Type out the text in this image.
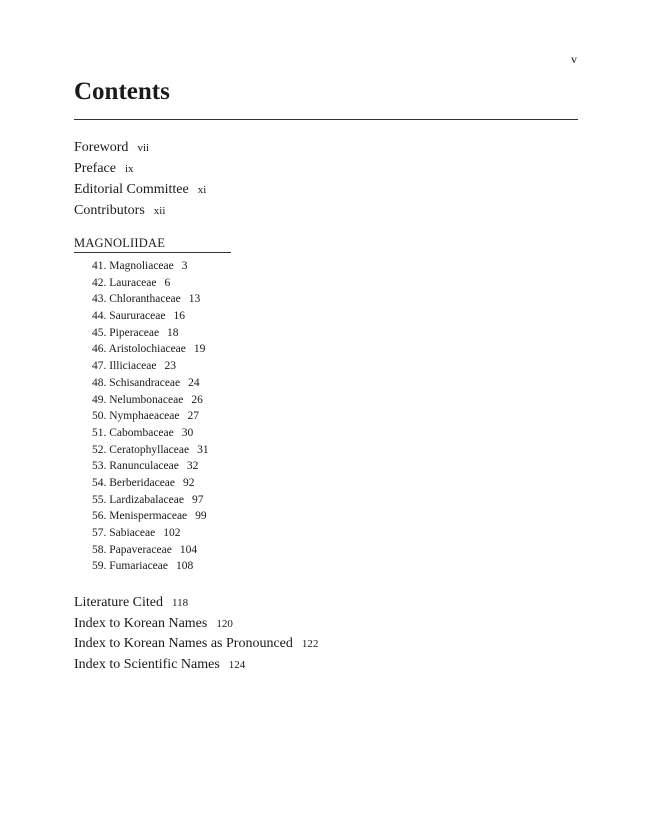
v
Contents
Foreword vii
Preface ix
Editorial Committee xi
Contributors xii
MAGNOLIIDAE
41. Magnoliaceae 3
42. Lauraceae 6
43. Chloranthaceae 13
44. Saururaceae 16
45. Piperaceae 18
46. Aristolochiaceae 19
47. Illiciaceae 23
48. Schisandraceae 24
49. Nelumbonaceae 26
50. Nymphaeaceae 27
51. Cabombaceae 30
52. Ceratophyllaceae 31
53. Ranunculaceae 32
54. Berberidaceae 92
55. Lardizabalaceae 97
56. Menispermaceae 99
57. Sabiaceae 102
58. Papaveraceae 104
59. Fumariaceae 108
Literature Cited 118
Index to Korean Names 120
Index to Korean Names as Pronounced 122
Index to Scientific Names 124
